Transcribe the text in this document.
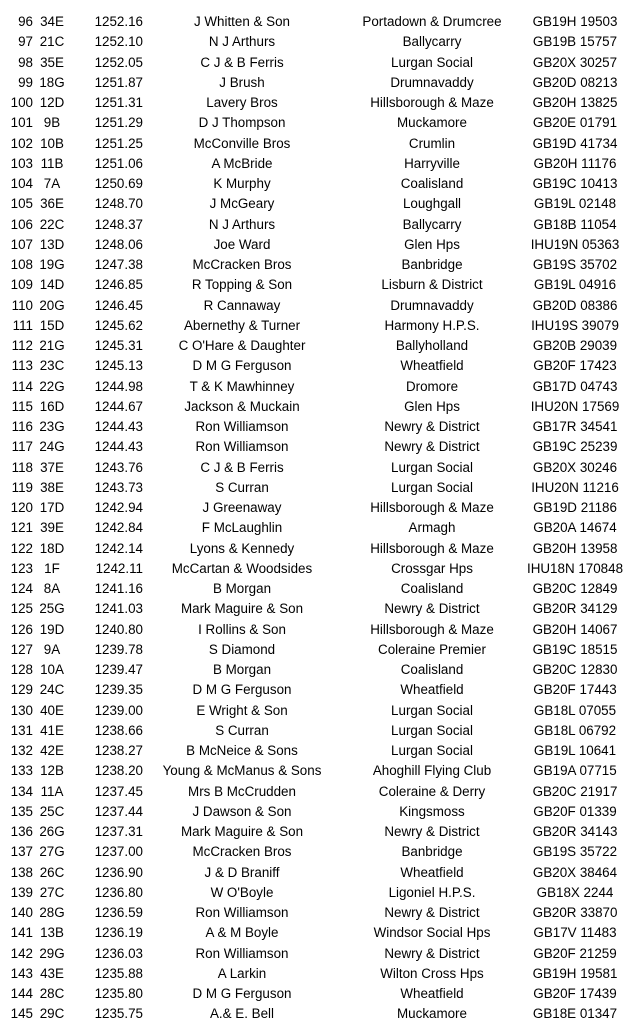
96 34E	1252.16	J Whitten & Son	Portadown & Drumcree	GB19H 19503
97 21C	1252.10	N J Arthurs	Ballycarry	GB19B 15757
98 35E	1252.05	C J & B Ferris	Lurgan Social	GB20X 30257
99 18G	1251.87	J Brush	Drumnavaddy	GB20D 08213
100 12D	1251.31	Lavery Bros	Hillsborough & Maze	GB20H 13825
101 9B	1251.29	D J Thompson	Muckamore	GB20E 01791
102 10B	1251.25	McConville Bros	Crumlin	GB19D 41734
103 11B	1251.06	A McBride	Harryville	GB20H 11176
104 7A	1250.69	K Murphy	Coalisland	GB19C 10413
105 36E	1248.70	J McGeary	Loughgall	GB19L 02148
106 22C	1248.37	N J Arthurs	Ballycarry	GB18B 11054
107 13D	1248.06	Joe Ward	Glen Hps	IHU19N 05363
108 19G	1247.38	McCracken Bros	Banbridge	GB19S 35702
109 14D	1246.85	R Topping & Son	Lisburn & District	GB19L 04916
110 20G	1246.45	R Cannaway	Drumnavaddy	GB20D 08386
111 15D	1245.62	Abernethy & Turner	Harmony H.P.S.	IHU19S 39079
112 21G	1245.31	C O'Hare & Daughter	Ballyholland	GB20B 29039
113 23C	1245.13	D M G Ferguson	Wheatfield	GB20F 17423
114 22G	1244.98	T & K Mawhinney	Dromore	GB17D 04743
115 16D	1244.67	Jackson & Muckain	Glen Hps	IHU20N 17569
116 23G	1244.43	Ron Williamson	Newry & District	GB17R 34541
117 24G	1244.43	Ron Williamson	Newry & District	GB19C 25239
118 37E	1243.76	C J & B Ferris	Lurgan Social	GB20X 30246
119 38E	1243.73	S Curran	Lurgan Social	IHU20N 11216
120 17D	1242.94	J Greenaway	Hillsborough & Maze	GB19D 21186
121 39E	1242.84	F McLaughlin	Armagh	GB20A 14674
122 18D	1242.14	Lyons & Kennedy	Hillsborough & Maze	GB20H 13958
123 1F	1242.11	McCartan & Woodsides	Crossgar Hps	IHU18N 170848
124 8A	1241.16	B Morgan	Coalisland	GB20C 12849
125 25G	1241.03	Mark Maguire & Son	Newry & District	GB20R 34129
126 19D	1240.80	I Rollins & Son	Hillsborough & Maze	GB20H 14067
127 9A	1239.78	S Diamond	Coleraine Premier	GB19C 18515
128 10A	1239.47	B Morgan	Coalisland	GB20C 12830
129 24C	1239.35	D M G Ferguson	Wheatfield	GB20F 17443
130 40E	1239.00	E Wright & Son	Lurgan Social	GB18L 07055
131 41E	1238.66	S Curran	Lurgan Social	GB18L 06792
132 42E	1238.27	B McNeice & Sons	Lurgan Social	GB19L 10641
133 12B	1238.20	Young & McManus & Sons	Ahoghill Flying Club	GB19A 07715
134 11A	1237.45	Mrs B McCrudden	Coleraine & Derry	GB20C 21917
135 25C	1237.44	J Dawson & Son	Kingsmoss	GB20F 01339
136 26G	1237.31	Mark Maguire & Son	Newry & District	GB20R 34143
137 27G	1237.00	McCracken Bros	Banbridge	GB19S 35722
138 26C	1236.90	J & D Braniff	Wheatfield	GB20X 38464
139 27C	1236.80	W O'Boyle	Ligoniel H.P.S.	GB18X 2244
140 28G	1236.59	Ron Williamson	Newry & District	GB20R 33870
141 13B	1236.19	A & M Boyle	Windsor Social Hps	GB17V 11483
142 29G	1236.03	Ron Williamson	Newry & District	GB20F 21259
143 43E	1235.88	A Larkin	Wilton Cross Hps	GB19H 19581
144 28C	1235.80	D M G Ferguson	Wheatfield	GB20F 17439
145 29C	1235.75	A.& E. Bell	Muckamore	GB18E 01347
